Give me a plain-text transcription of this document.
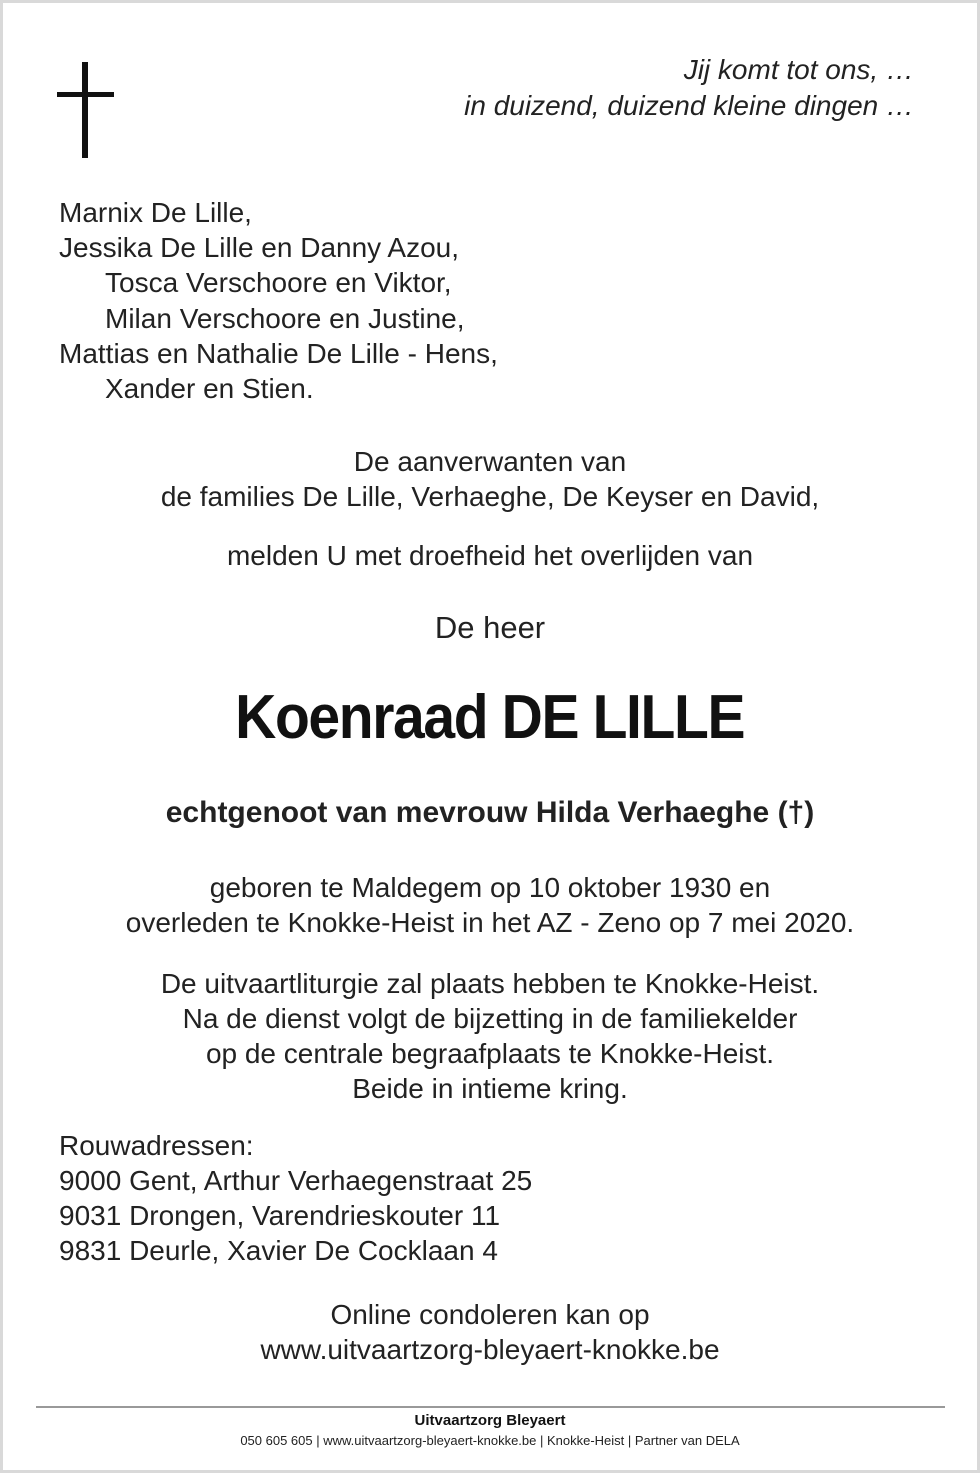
Jij komt tot ons, …
in duizend, duizend kleine dingen …
Marnix De Lille,
Jessika De Lille en Danny Azou,
Tosca Verschoore en Viktor,
Milan Verschoore en Justine,
Mattias en Nathalie De Lille - Hens,
Xander en Stien.
De aanverwanten van
de families De Lille, Verhaeghe, De Keyser en David,
melden U met droefheid het overlijden van
De heer
Koenraad DE LILLE
echtgenoot van mevrouw Hilda Verhaeghe (†)
geboren te Maldegem op 10 oktober 1930 en
overleden te Knokke-Heist in het AZ - Zeno op 7 mei 2020.
De uitvaartliturgie zal plaats hebben te Knokke-Heist.
Na de dienst volgt de bijzetting in de familiekelder
op de centrale begraafplaats te Knokke-Heist.
Beide in intieme kring.
Rouwadressen:
9000 Gent, Arthur Verhaegenstraat 25
9031 Drongen, Varendrieskouter 11
9831 Deurle, Xavier De Cocklaan 4
Online condoleren kan op
www.uitvaartzorg-bleyaert-knokke.be
Uitvaartzorg Bleyaert
050 605 605 | www.uitvaartzorg-bleyaert-knokke.be | Knokke-Heist | Partner van DELA
